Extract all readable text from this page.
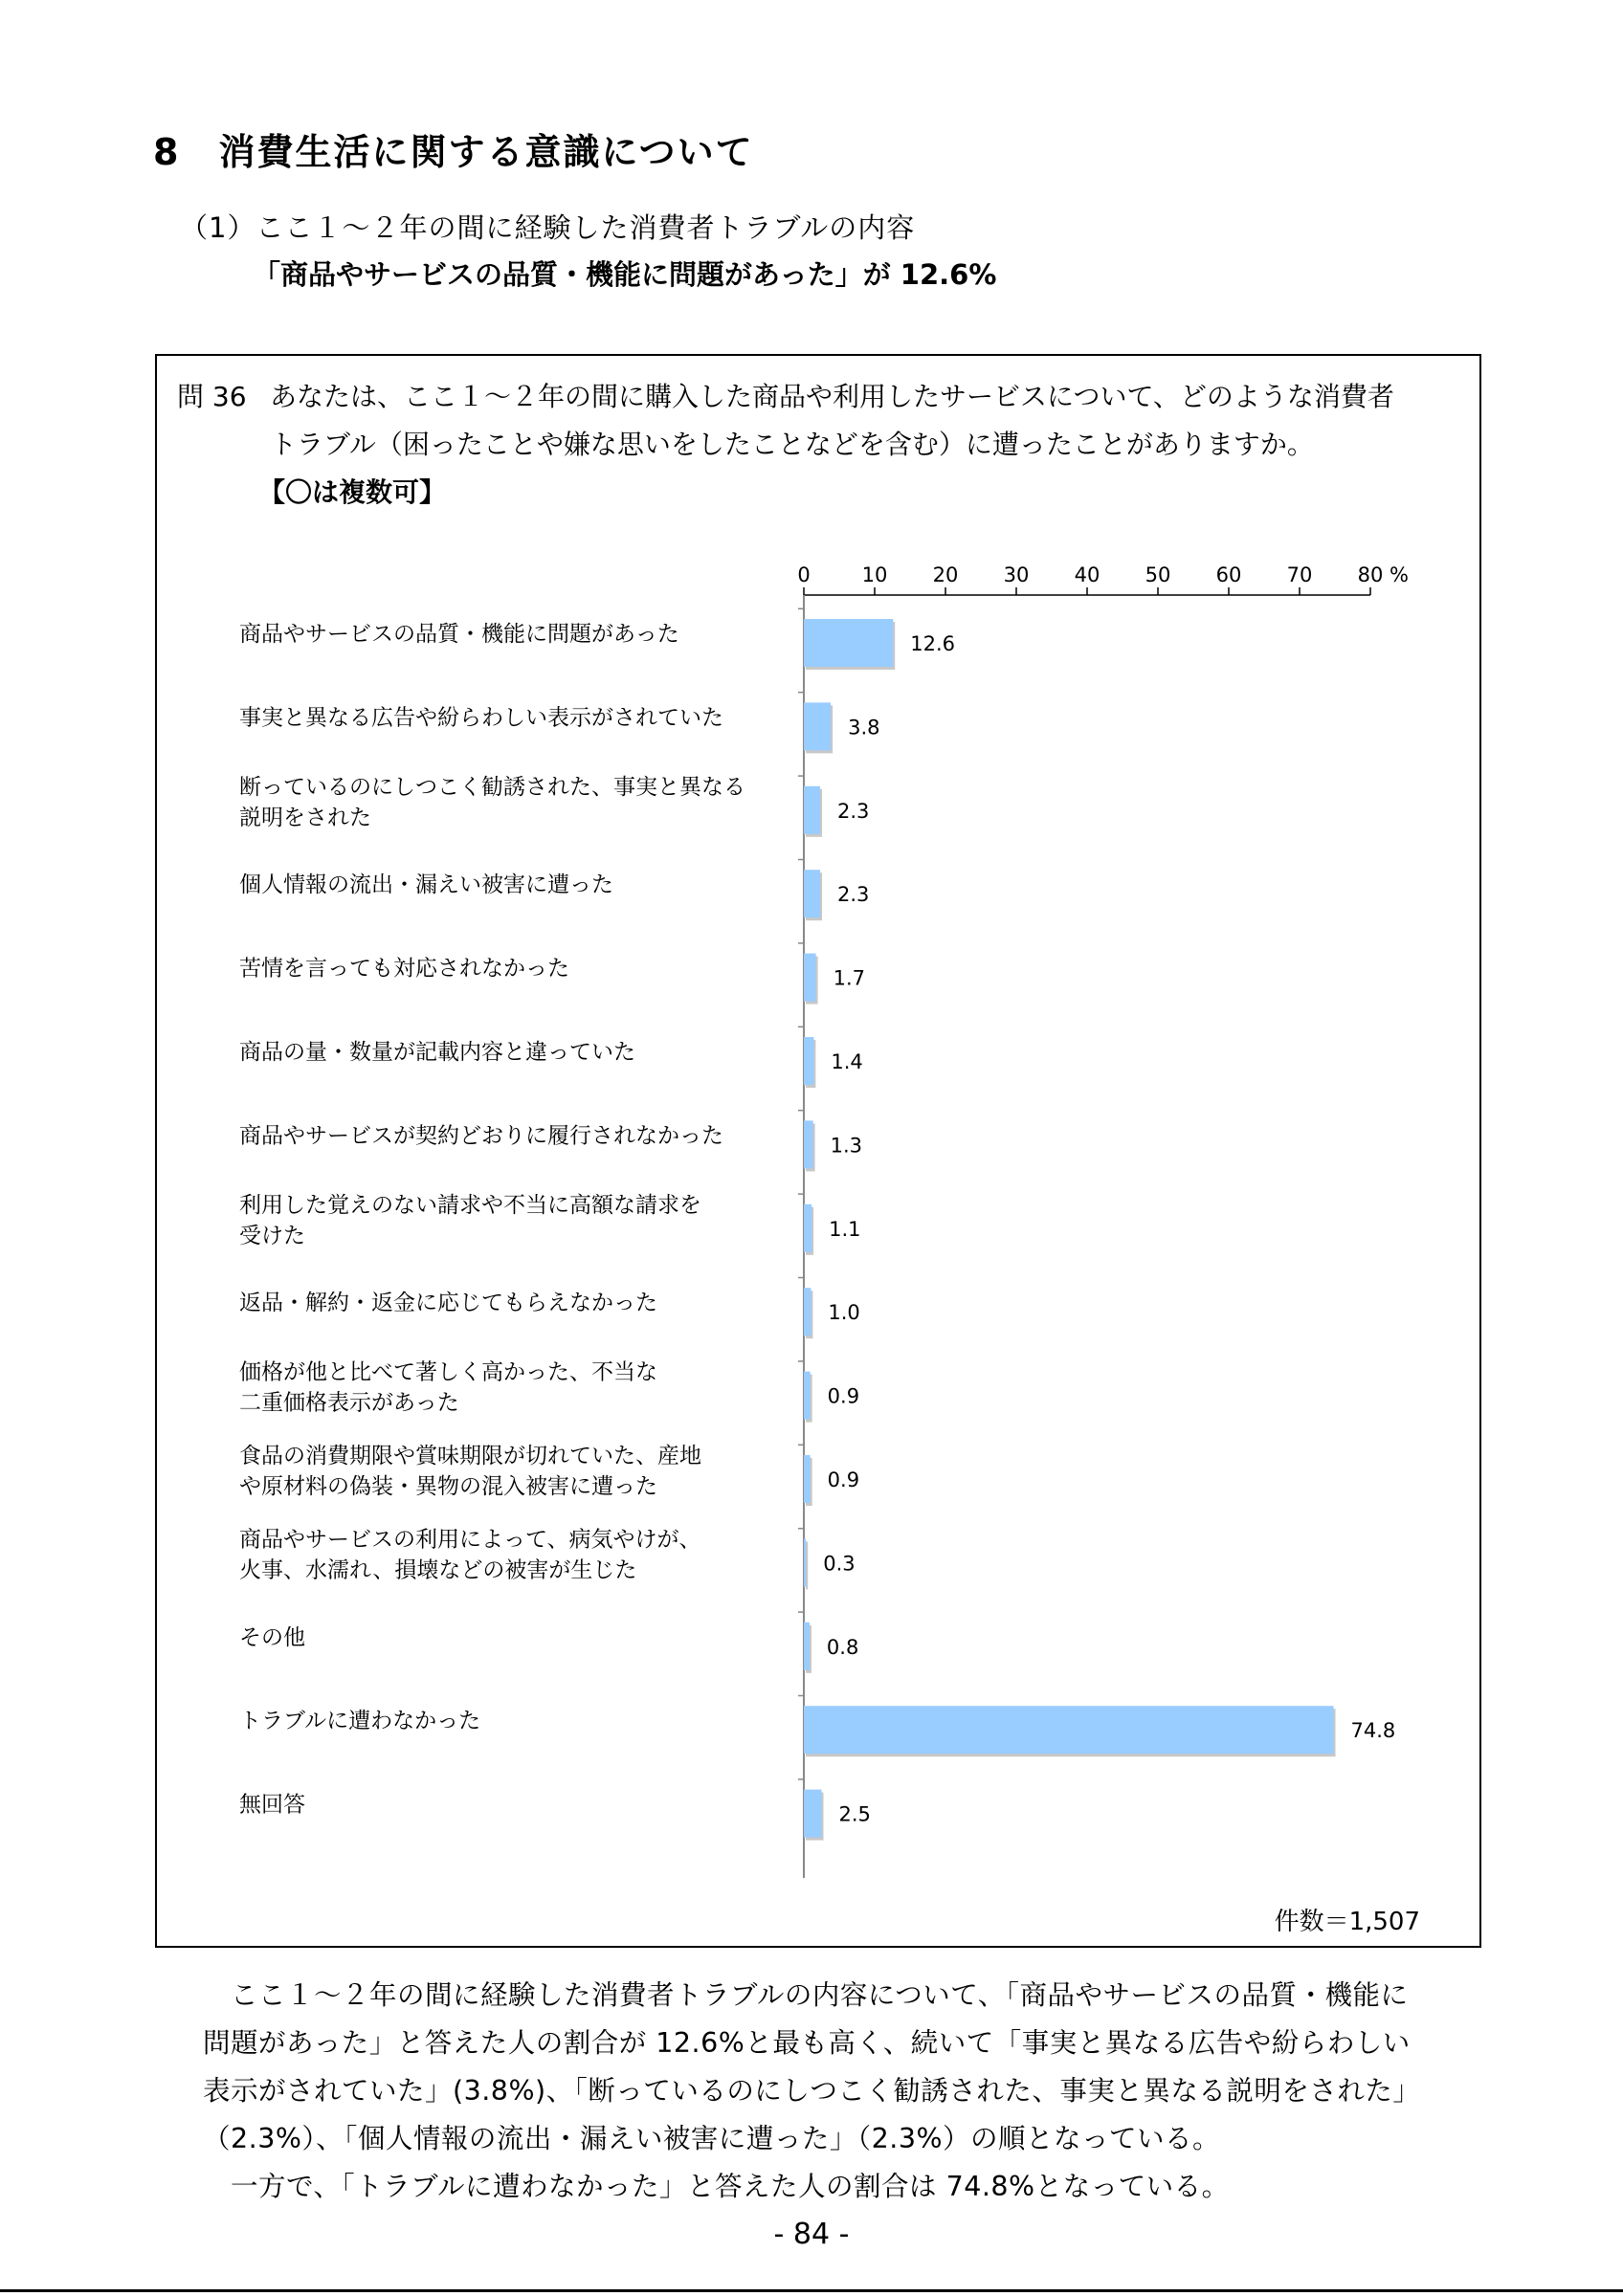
8　消費生活に関する意識について
（1）ここ１～２年の間に経験した消費者トラブルの内容
「商品やサービスの品質・機能に問題があった」が 12.6%
問 36 あなたは、ここ１～２年の間に購入した商品や利用したサービスについて、どのような消費者
トラブル（困ったことや嫌な思いをしたことなどを含む）に遭ったことがありますか。
【〇は複数可】
0	10 20 30 40 50 60 70 80 %
12.6
商品やサービスの品質・機能に問題があった
3.8
事実と異なる広告や紛らわしい表示がされていた
2.3
断っているのにしつこく勧誘された、事実と異なる
説明をされた
2.3
個人情報の流出・漏えい被害に遭った
1.7
苦情を言っても対応されなかった
1.4
商品の量・数量が記載内容と違っていた
1.3
商品やサービスが契約どおりに履行されなかった
1.1
利用した覚えのない請求や不当に高額な請求を
受けた
1.0
返品・解約・返金に応じてもらえなかった
0.9
価格が他と比べて著しく高かった、不当な
二重価格表示があった
0.9
食品の消費期限や賞味期限が切れていた、産地
や原材料の偽装・異物の混入被害に遭った
0.3
商品やサービスの利用によって、病気やけが、
火事、水濡れ、損壊などの被害が生じた
0.8
その他
74.8
トラブルに遭わなかった
2.5
無回答
件数＝1,507
　ここ１～２年の間に経験した消費者トラブルの内容について、「商品やサービスの品質・機能に
問題があった」と答えた人の割合が 12.6%と最も高く、続いて「事実と異なる広告や紛らわしい
表示がされていた」(3.8%)、「断っているのにしつこく勧誘された、事実と異なる説明をされた」
（2.3%）、「個人情報の流出・漏えい被害に遭った」（2.3%）の順となっている。
　一方で、「トラブルに遭わなかった」と答えた人の割合は 74.8%となっている。
- 84 -
